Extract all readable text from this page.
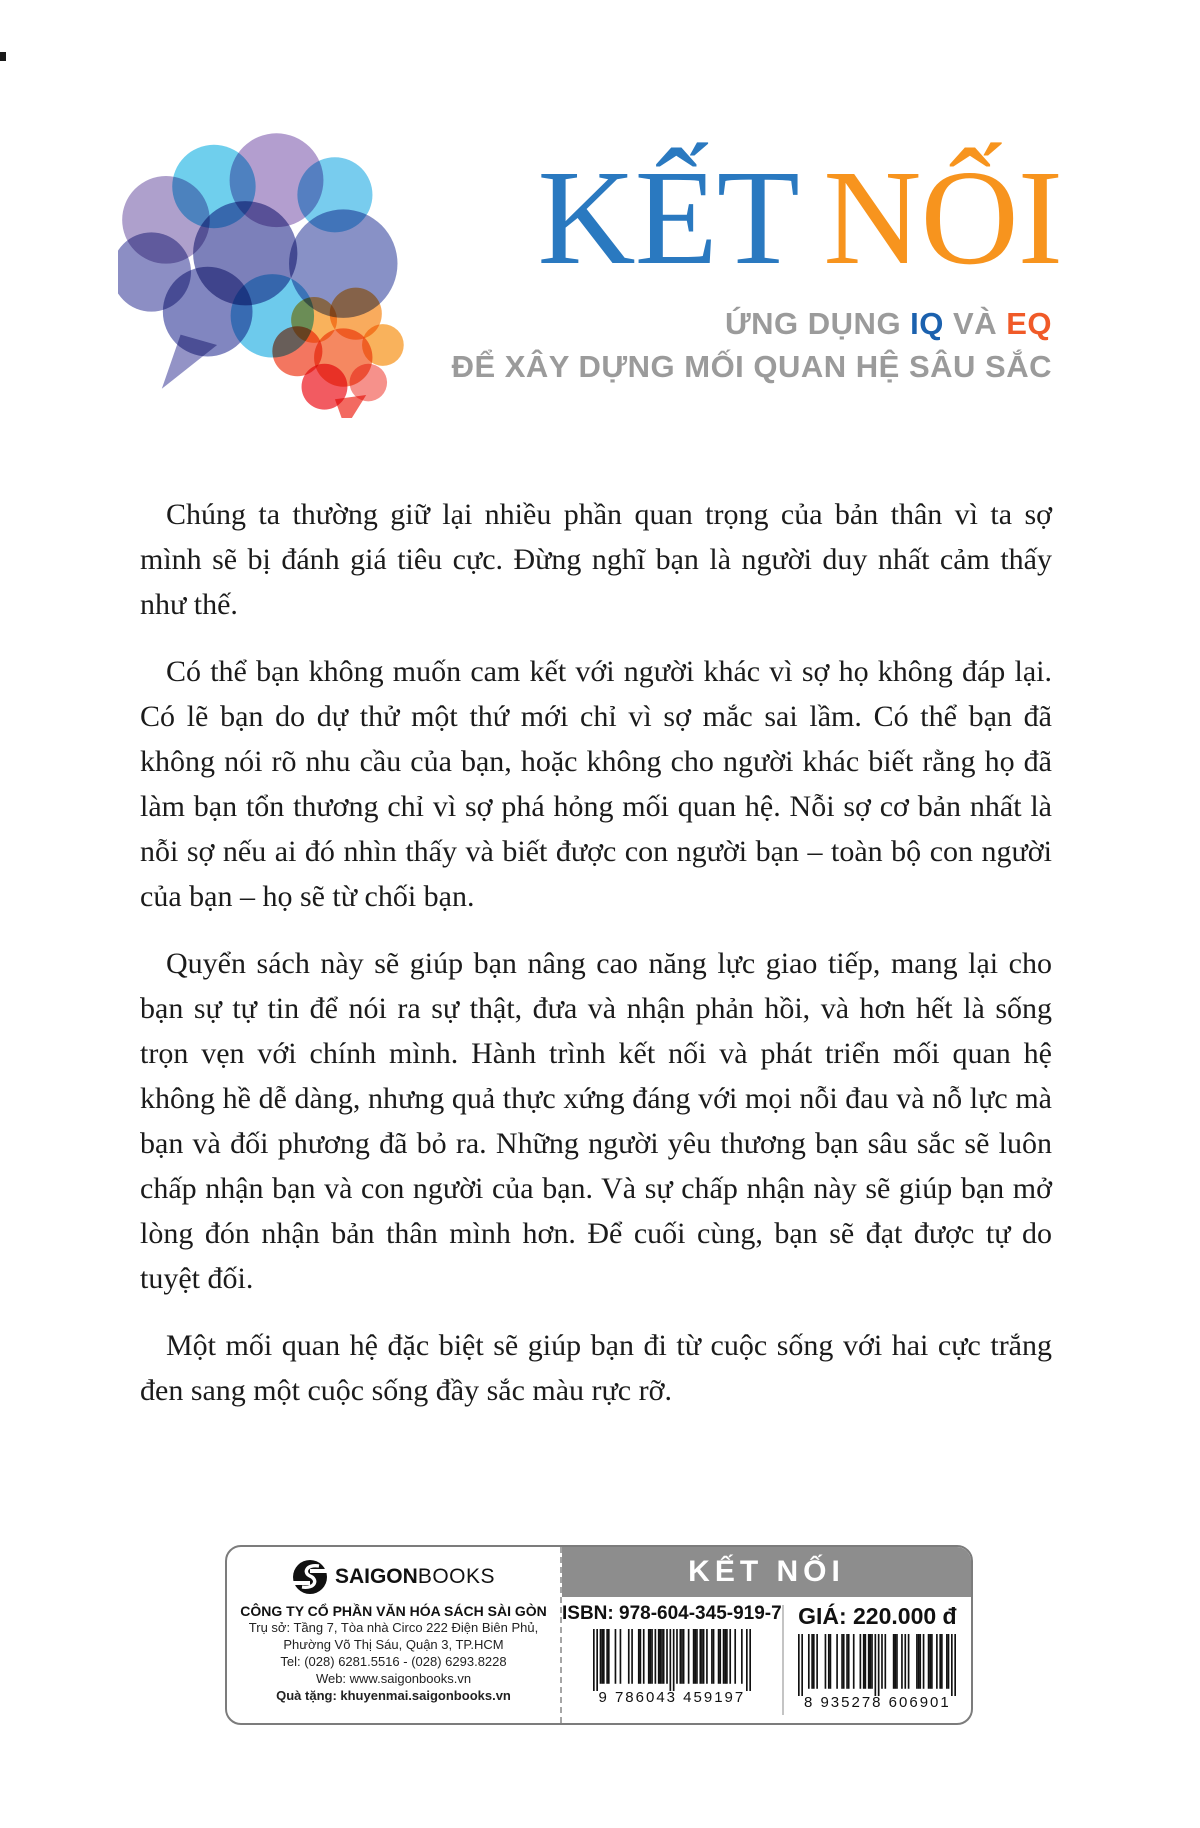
KẾT NỐI
ỨNG DỤNG IQ VÀ EQ
ĐỂ XÂY DỰNG MỐI QUAN HỆ SÂU SẮC

Chúng ta thường giữ lại nhiều phần quan trọng của bản thân vì ta sợ mình sẽ bị đánh giá tiêu cực. Đừng nghĩ bạn là người duy nhất cảm thấy như thế.

Có thể bạn không muốn cam kết với người khác vì sợ họ không đáp lại. Có lẽ bạn do dự thử một thứ mới chỉ vì sợ mắc sai lầm. Có thể bạn đã không nói rõ nhu cầu của bạn, hoặc không cho người khác biết rằng họ đã làm bạn tổn thương chỉ vì sợ phá hỏng mối quan hệ. Nỗi sợ cơ bản nhất là nỗi sợ nếu ai đó nhìn thấy và biết được con người bạn – toàn bộ con người của bạn – họ sẽ từ chối bạn.

Quyển sách này sẽ giúp bạn nâng cao năng lực giao tiếp, mang lại cho bạn sự tự tin để nói ra sự thật, đưa và nhận phản hồi, và hơn hết là sống trọn vẹn với chính mình. Hành trình kết nối và phát triển mối quan hệ không hề dễ dàng, nhưng quả thực xứng đáng với mọi nỗi đau và nỗ lực mà bạn và đối phương đã bỏ ra. Những người yêu thương bạn sâu sắc sẽ luôn chấp nhận bạn và con người của bạn. Và sự chấp nhận này sẽ giúp bạn mở lòng đón nhận bản thân mình hơn. Để cuối cùng, bạn sẽ đạt được tự do tuyệt đối.

Một mối quan hệ đặc biệt sẽ giúp bạn đi từ cuộc sống với hai cực trắng đen sang một cuộc sống đầy sắc màu rực rỡ.

SAIGONBOOKS
CÔNG TY CỔ PHẦN VĂN HÓA SÁCH SÀI GÒN
Trụ sở: Tầng 7, Tòa nhà Circo 222 Điện Biên Phủ,
Phường Võ Thị Sáu, Quận 3, TP.HCM
Tel: (028) 6281.5516 - (028) 6293.8228
Web: www.saigonbooks.vn
Quà tặng: khuyenmai.saigonbooks.vn
KẾT NỐI
ISBN: 978-604-345-919-7
9 786043 459197
GIÁ: 220.000 đ
8 935278 606901
